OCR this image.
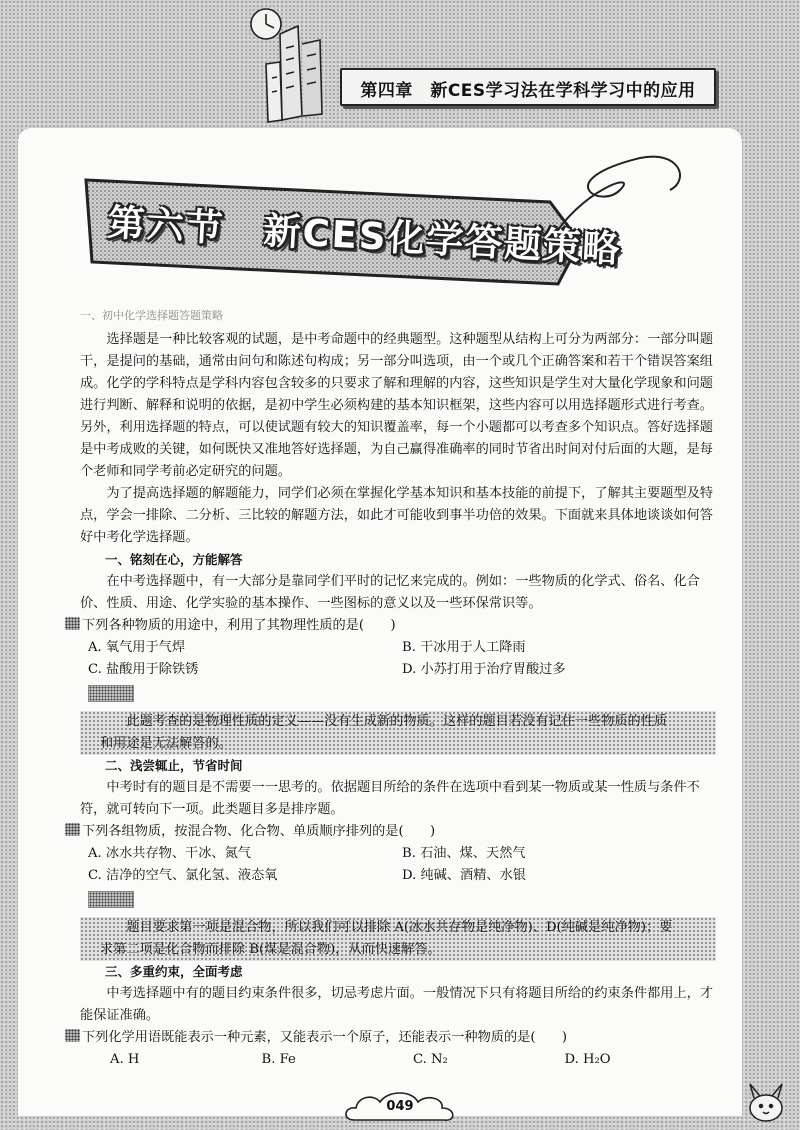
第四章　新CES学习法在学科学习中的应用
第六节　新CES化学答题策略

一、初中化学选择题答题策略

选择题是一种比较客观的试题，是中考命题中的经典题型。这种题型从结构上可分为两部分：一部分叫题干，是提问的基础，通常由问句和陈述句构成；另一部分叫选项，由一个或几个正确答案和若干个错误答案组成。化学的学科特点是学科内容包含较多的只要求了解和理解的内容，这些知识是学生对大量化学现象和问题进行判断、解释和说明的依据，是初中学生必须构建的基本知识框架，这些内容可以用选择题形式进行考查。另外，利用选择题的特点，可以使试题有较大的知识覆盖率，每一个小题都可以考查多个知识点。答好选择题是中考成败的关键，如何既快又准地答好选择题，为自己赢得准确率的同时节省出时间对付后面的大题，是每个老师和同学考前必定研究的问题。

为了提高选择题的解题能力，同学们必须在掌握化学基本知识和基本技能的前提下，了解其主要题型及特点，学会一排除、二分析、三比较的解题方法，如此才可能收到事半功倍的效果。下面就来具体地谈谈如何答好中考化学选择题。

一、铭刻在心，方能解答

在中考选择题中，有一大部分是靠同学们平时的记忆来完成的。例如：一些物质的化学式、俗名、化合价、性质、用途、化学实验的基本操作、一些图标的意义以及一些环保常识等。

下列各种物质的用途中，利用了其物理性质的是(　　)

A. 氧气用于气焊	B. 干冰用于人工降雨
C. 盐酸用于除铁锈	D. 小苏打用于治疗胃酸过多

此题考查的是物理性质的定义——没有生成新的物质。这样的题目若没有记住一些物质的性质和用途是无法解答的。

二、浅尝辄止，节省时间

中考时有的题目是不需要一一思考的。依据题目所给的条件在选项中看到某一物质或某一性质与条件不符，就可转向下一项。此类题目多是排序题。

下列各组物质，按混合物、化合物、单质顺序排列的是(　　)

A. 冰水共存物、干冰、氮气	B. 石油、煤、天然气
C. 洁净的空气、氯化氢、液态氧	D. 纯碱、酒精、水银

题目要求第一项是混合物，所以我们可以排除 A(冰水共存物是纯净物)、D(纯碱是纯净物)；要求第二项是化合物而排除 B(煤是混合物)，从而快速解答。

三、多重约束，全面考虑

中考选择题中有的题目约束条件很多，切忌考虑片面。一般情况下只有将题目所给的约束条件都用上，才能保证准确。

下列化学用语既能表示一种元素，又能表示一个原子，还能表示一种物质的是(　　)

A. H	B. Fe	C. N₂	D. H₂O
049
